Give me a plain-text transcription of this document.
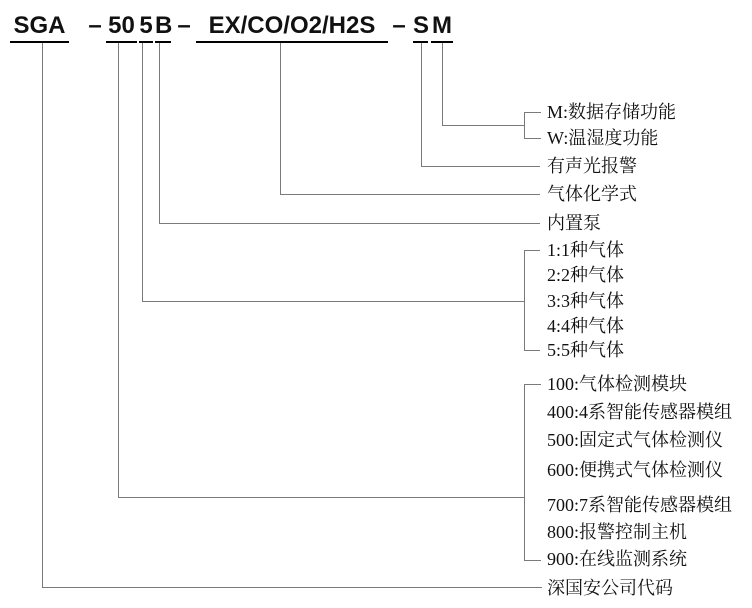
SGA – 50 5 B – EX/CO/O2/H2S – S M
M:数据存储功能
W:温湿度功能
有声光报警
气体化学式
内置泵
1:1种气体
2:2种气体
3:3种气体
4:4种气体
5:5种气体
100:气体检测模块
400:4系智能传感器模组
500:固定式气体检测仪
600:便携式气体检测仪
700:7系智能传感器模组
800:报警控制主机
900:在线监测系统
深国安公司代码
